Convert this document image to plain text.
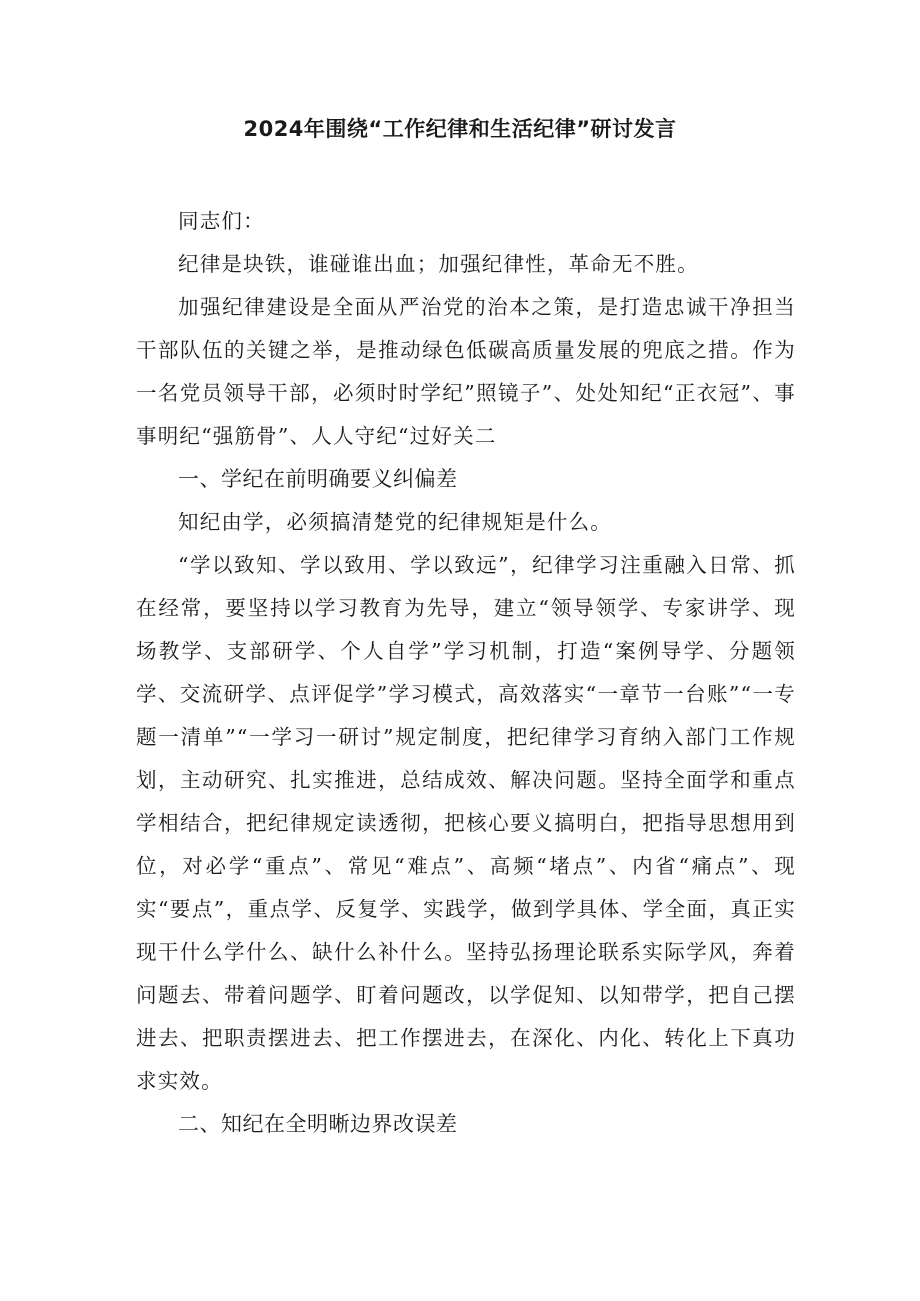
2024年围绕“工作纪律和生活纪律”研讨发言

同志们：

纪律是块铁，谁碰谁出血；加强纪律性，革命无不胜。

加强纪律建设是全面从严治党的治本之策，是打造忠诚干净担当干部队伍的关键之举，是推动绿色低碳高质量发展的兜底之措。作为一名党员领导干部，必须时时学纪”照镜子”、处处知纪“正衣冠”、事事明纪“强筋骨”、人人守纪“过好关二

一、学纪在前明确要义纠偏差

知纪由学，必须搞清楚党的纪律规矩是什么。

“学以致知、学以致用、学以致远”，纪律学习注重融入日常、抓在经常，要坚持以学习教育为先导，建立“领导领学、专家讲学、现场教学、支部研学、个人自学”学习机制，打造“案例导学、分题领学、交流研学、点评促学”学习模式，高效落实“一章节一台账”“一专题一清单”“一学习一研讨”规定制度，把纪律学习育纳入部门工作规划，主动研究、扎实推进，总结成效、解决问题。坚持全面学和重点学相结合，把纪律规定读透彻，把核心要义搞明白，把指导思想用到位，对必学“重点”、常见“难点”、高频“堵点”、内省“痛点”、现实“要点”，重点学、反复学、实践学，做到学具体、学全面，真正实现干什么学什么、缺什么补什么。坚持弘扬理论联系实际学风，奔着问题去、带着问题学、盯着问题改，以学促知、以知带学，把自己摆进去、把职责摆进去、把工作摆进去，在深化、内化、转化上下真功求实效。

二、知纪在全明晰边界改误差
